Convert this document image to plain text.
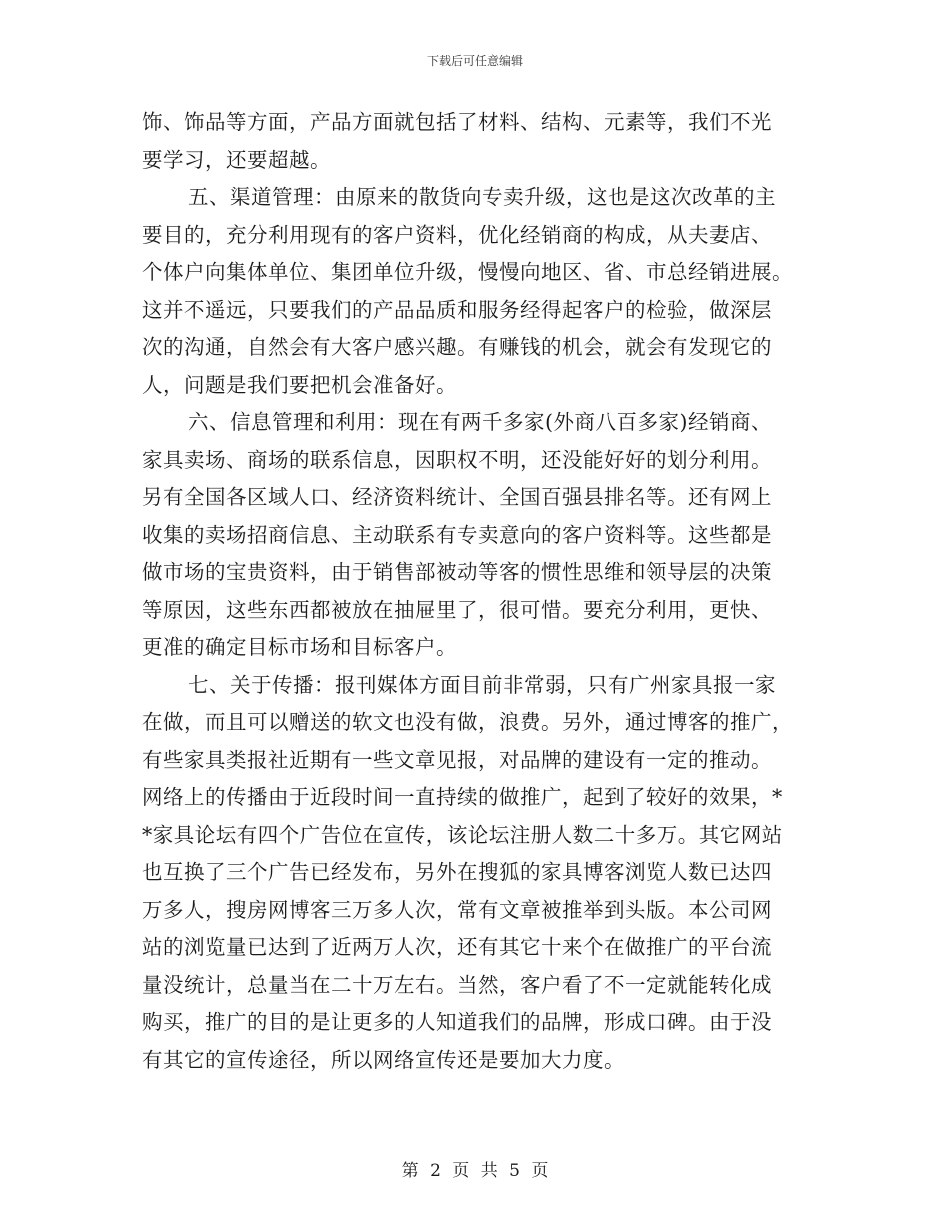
下载后可任意编辑
饰、饰品等方面，产品方面就包括了材料、结构、元素等，我们不光
要学习，还要超越。
五、渠道管理：由原来的散货向专卖升级，这也是这次改革的主
要目的，充分利用现有的客户资料，优化经销商的构成，从夫妻店、
个体户向集体单位、集团单位升级，慢慢向地区、省、市总经销进展。
这并不遥远，只要我们的产品品质和服务经得起客户的检验，做深层
次的沟通，自然会有大客户感兴趣。有赚钱的机会，就会有发现它的
人，问题是我们要把机会准备好。
六、信息管理和利用：现在有两千多家(外商八百多家)经销商、
家具卖场、商场的联系信息，因职权不明，还没能好好的划分利用。
另有全国各区域人口、经济资料统计、全国百强县排名等。还有网上
收集的卖场招商信息、主动联系有专卖意向的客户资料等。这些都是
做市场的宝贵资料，由于销售部被动等客的惯性思维和领导层的决策
等原因，这些东西都被放在抽屉里了，很可惜。要充分利用，更快、
更准的确定目标市场和目标客户。
七、关于传播：报刊媒体方面目前非常弱，只有广州家具报一家
在做，而且可以赠送的软文也没有做，浪费。另外，通过博客的推广，
有些家具类报社近期有一些文章见报，对品牌的建设有一定的推动。
网络上的传播由于近段时间一直持续的做推广，起到了较好的效果，*
*家具论坛有四个广告位在宣传，该论坛注册人数二十多万。其它网站
也互换了三个广告已经发布，另外在搜狐的家具博客浏览人数已达四
万多人，搜房网博客三万多人次，常有文章被推举到头版。本公司网
站的浏览量已达到了近两万人次，还有其它十来个在做推广的平台流
量没统计，总量当在二十万左右。当然，客户看了不一定就能转化成
购买，推广的目的是让更多的人知道我们的品牌，形成口碑。由于没
有其它的宣传途径，所以网络宣传还是要加大力度。
第 2 页 共 5 页
